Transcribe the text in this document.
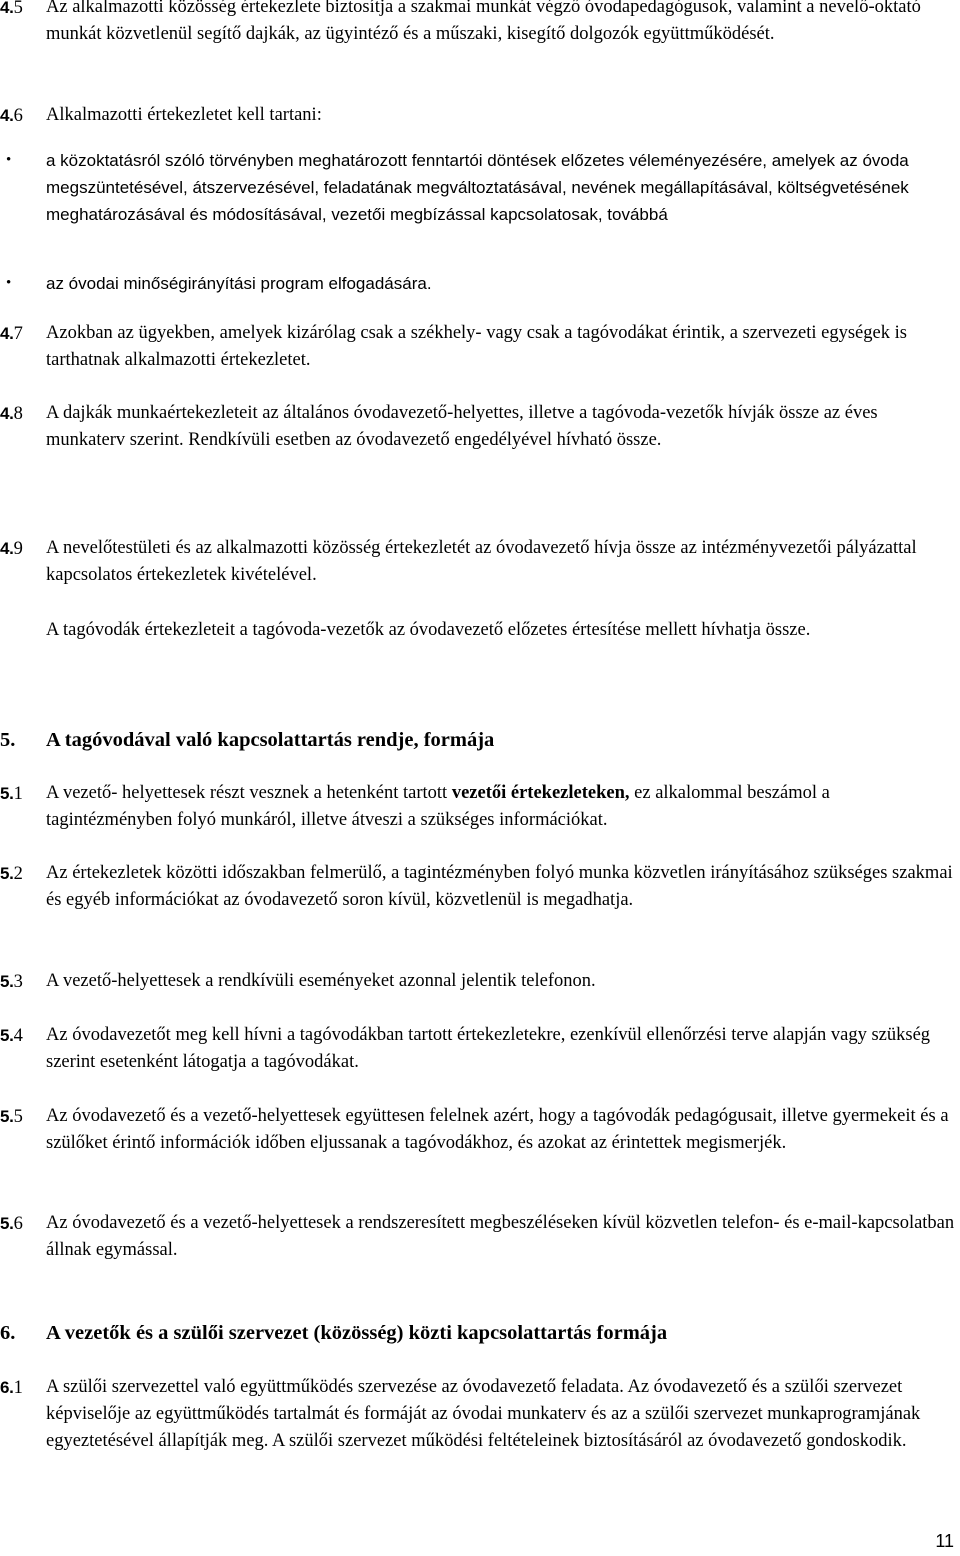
4.5 Az alkalmazotti közösség értekezlete biztosítja a szakmai munkát végző óvodapedagógusok, valamint a nevelő-oktató munkát közvetlenül segítő dajkák, az ügyintéző és a műszaki, kisegítő dolgozók együttműködését.
4.6 Alkalmazotti értekezletet kell tartani:
• a közoktatásról szóló törvényben meghatározott fenntartói döntések előzetes véleményezésére, amelyek az óvoda megszüntetésével, átszervezésével, feladatának megváltoztatásával, nevének megállapításával, költségvetésének meghatározásával és módosításával, vezetői megbízással kapcsolatosak, továbbá
• az óvodai minőségirányítási program elfogadására.
4.7 Azokban az ügyekben, amelyek kizárólag csak a székhely- vagy csak a tagóvodákat érintik, a szervezeti egységek is tarthatnak alkalmazotti értekezletet.
4.8 A dajkák munkaértekezleteit az általános óvodavezető-helyettes, illetve a tagóvoda-vezetők hívják össze az éves munkaterv szerint. Rendkívüli esetben az óvodavezető engedélyével hívható össze.
4.9 A nevelőtestületi és az alkalmazotti közösség értekezletét az óvodavezető hívja össze az intézményvezetői pályázattal kapcsolatos értekezletek kivételével.
A tagóvodák értekezleteit a tagóvoda-vezetők az óvodavezető előzetes értesítése mellett hívhatja össze.
5. A tagóvodával való kapcsolattartás rendje, formája
5.1 A vezető- helyettesek részt vesznek a hetenként tartott vezetői értekezleteken, ez alkalommal beszámol a tagintézményben folyó munkáról, illetve átveszi a szükséges információkat.
5.2 Az értekezletek közötti időszakban felmerülő, a tagintézményben folyó munka közvetlen irányításához szükséges szakmai és egyéb információkat az óvodavezető soron kívül, közvetlenül is megadhatja.
5.3 A vezető-helyettesek a rendkívüli eseményeket azonnal jelentik telefonon.
5.4 Az óvodavezetőt meg kell hívni a tagóvodákban tartott értekezletekre, ezenkívül ellenőrzési terve alapján vagy szükség szerint esetenként látogatja a tagóvodákat.
5.5 Az óvodavezető és a vezető-helyettesek együttesen felelnek azért, hogy a tagóvodák pedagógusait, illetve gyermekeit és a szülőket érintő információk időben eljussanak a tagóvodákhoz, és azokat az érintettek megismerjék.
5.6 Az óvodavezető és a vezető-helyettesek a rendszeresített megbeszéléseken kívül közvetlen telefon- és e-mail-kapcsolatban állnak egymással.
6. A vezetők és a szülői szervezet (közösség) közti kapcsolattartás formája
6.1 A szülői szervezettel való együttműködés szervezése az óvodavezető feladata. Az óvodavezető és a szülői szervezet képviselője az együttműködés tartalmát és formáját az óvodai munkaterv és az a szülői szervezet munkaprogramjának egyeztetésével állapítják meg. A szülői szervezet működési feltételeinek biztosításáról az óvodavezető gondoskodik.
11
